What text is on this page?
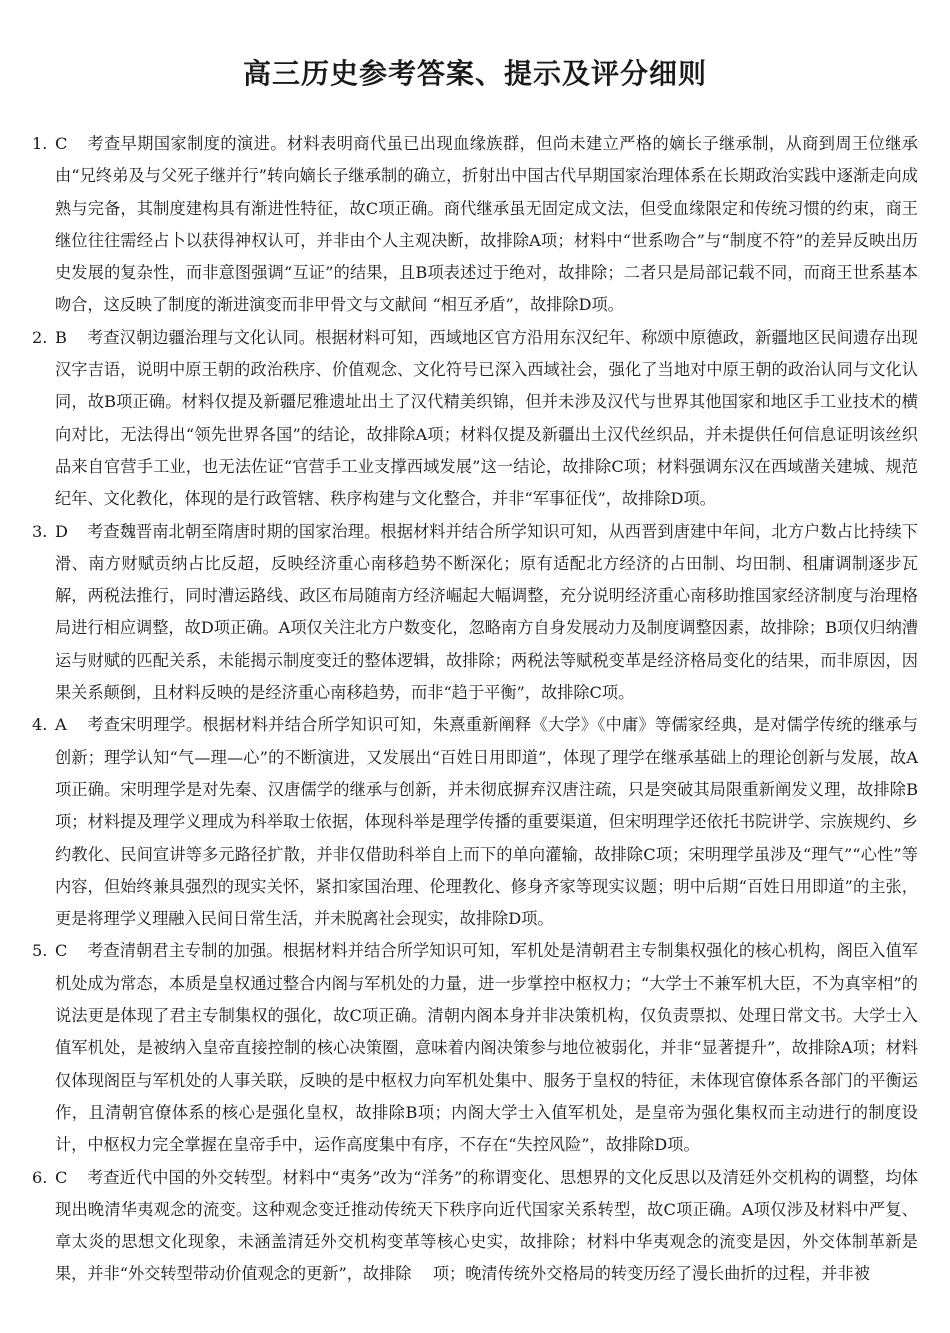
高三历史参考答案、提示及评分细则
1. C 考查早期国家制度的演进。材料表明商代虽已出现血缘族群，但尚未建立严格的嫡长子继承制，从商到周王位继承由“兄终弟及与父死子继并行”转向嫡长子继承制的确立，折射出中国古代早期国家治理体系在长期政治实践中逐渐走向成熟与完备，其制度建构具有渐进性特征，故C项正确。商代继承虽无固定成文法，但受血缘限定和传统习惯的约束，商王继位往往需经占卜以获得神权认可，并非由个人主观决断，故排除A项；材料中“世系吻合”与“制度不符”的差异反映出历史发展的复杂性，而非意图强调“互证”的结果，且B项表述过于绝对，故排除；二者只是局部记载不同，而商王世系基本吻合，这反映了制度的渐进演变而非甲骨文与文献间 “相互矛盾”，故排除D项。
2. B 考查汉朝边疆治理与文化认同。根据材料可知，西域地区官方沿用东汉纪年、称颂中原德政，新疆地区民间遗存出现汉字吉语，说明中原王朝的政治秩序、价值观念、文化符号已深入西域社会，强化了当地对中原王朝的政治认同与文化认同，故B项正确。材料仅提及新疆尼雅遗址出土了汉代精美织锦，但并未涉及汉代与世界其他国家和地区手工业技术的横向对比，无法得出“领先世界各国”的结论，故排除A项；材料仅提及新疆出土汉代丝织品，并未提供任何信息证明该丝织品来自官营手工业，也无法佐证“官营手工业支撑西域发展”这一结论，故排除C项；材料强调东汉在西域凿关建城、规范纪年、文化教化，体现的是行政管辖、秩序构建与文化整合，并非“军事征伐”，故排除D项。
3. D 考查魏晋南北朝至隋唐时期的国家治理。根据材料并结合所学知识可知，从西晋到唐建中年间，北方户数占比持续下滑、南方财赋贡纳占比反超，反映经济重心南移趋势不断深化；原有适配北方经济的占田制、均田制、租庸调制逐步瓦解，两税法推行，同时漕运路线、政区布局随南方经济崛起大幅调整，充分说明经济重心南移助推国家经济制度与治理格局进行相应调整，故D项正确。A项仅关注北方户数变化，忽略南方自身发展动力及制度调整因素，故排除；B项仅归纳漕运与财赋的匹配关系，未能揭示制度变迁的整体逻辑，故排除；两税法等赋税变革是经济格局变化的结果，而非原因，因果关系颠倒，且材料反映的是经济重心南移趋势，而非“趋于平衡”，故排除C项。
4. A 考查宋明理学。根据材料并结合所学知识可知，朱熹重新阐释《大学》《中庸》等儒家经典，是对儒学传统的继承与创新；理学认知“气—理—心”的不断演进，又发展出“百姓日用即道”，体现了理学在继承基础上的理论创新与发展，故A项正确。宋明理学是对先秦、汉唐儒学的继承与创新，并未彻底摒弃汉唐注疏，只是突破其局限重新阐发义理，故排除B项；材料提及理学义理成为科举取士依据，体现科举是理学传播的重要渠道，但宋明理学还依托书院讲学、宗族规约、乡约教化、民间宣讲等多元路径扩散，并非仅借助科举自上而下的单向灌输，故排除C项；宋明理学虽涉及“理气”“心性”等内容，但始终兼具强烈的现实关怀，紧扣家国治理、伦理教化、修身齐家等现实议题；明中后期“百姓日用即道”的主张，更是将理学义理融入民间日常生活，并未脱离社会现实，故排除D项。
5. C 考查清朝君主专制的加强。根据材料并结合所学知识可知，军机处是清朝君主专制集权强化的核心机构，阁臣入值军机处成为常态，本质是皇权通过整合内阁与军机处的力量，进一步掌控中枢权力；“大学士不兼军机大臣，不为真宰相”的说法更是体现了君主专制集权的强化，故C项正确。清朝内阁本身并非决策机构，仅负责票拟、处理日常文书。大学士入值军机处，是被纳入皇帝直接控制的核心决策圈，意味着内阁决策参与地位被弱化，并非“显著提升”，故排除A项；材料仅体现阁臣与军机处的人事关联，反映的是中枢权力向军机处集中、服务于皇权的特征，未体现官僚体系各部门的平衡运作，且清朝官僚体系的核心是强化皇权，故排除B项；内阁大学士入值军机处，是皇帝为强化集权而主动进行的制度设计，中枢权力完全掌握在皇帝手中，运作高度集中有序，不存在“失控风险”，故排除D项。
6. C 考查近代中国的外交转型。材料中“夷务”改为“洋务”的称谓变化、思想界的文化反思以及清廷外交机构的调整，均体现出晚清华夷观念的流变。这种观念变迁推动传统天下秩序向近代国家关系转型，故C项正确。A项仅涉及材料中严复、章太炎的思想文化现象，未涵盖清廷外交机构变革等核心史实，故排除；材料中华夷观念的流变是因，外交体制革新是果，并非“外交转型带动价值观念的更新”，故排除　 项；晚清传统外交格局的转变历经了漫长曲折的过程，并非被
